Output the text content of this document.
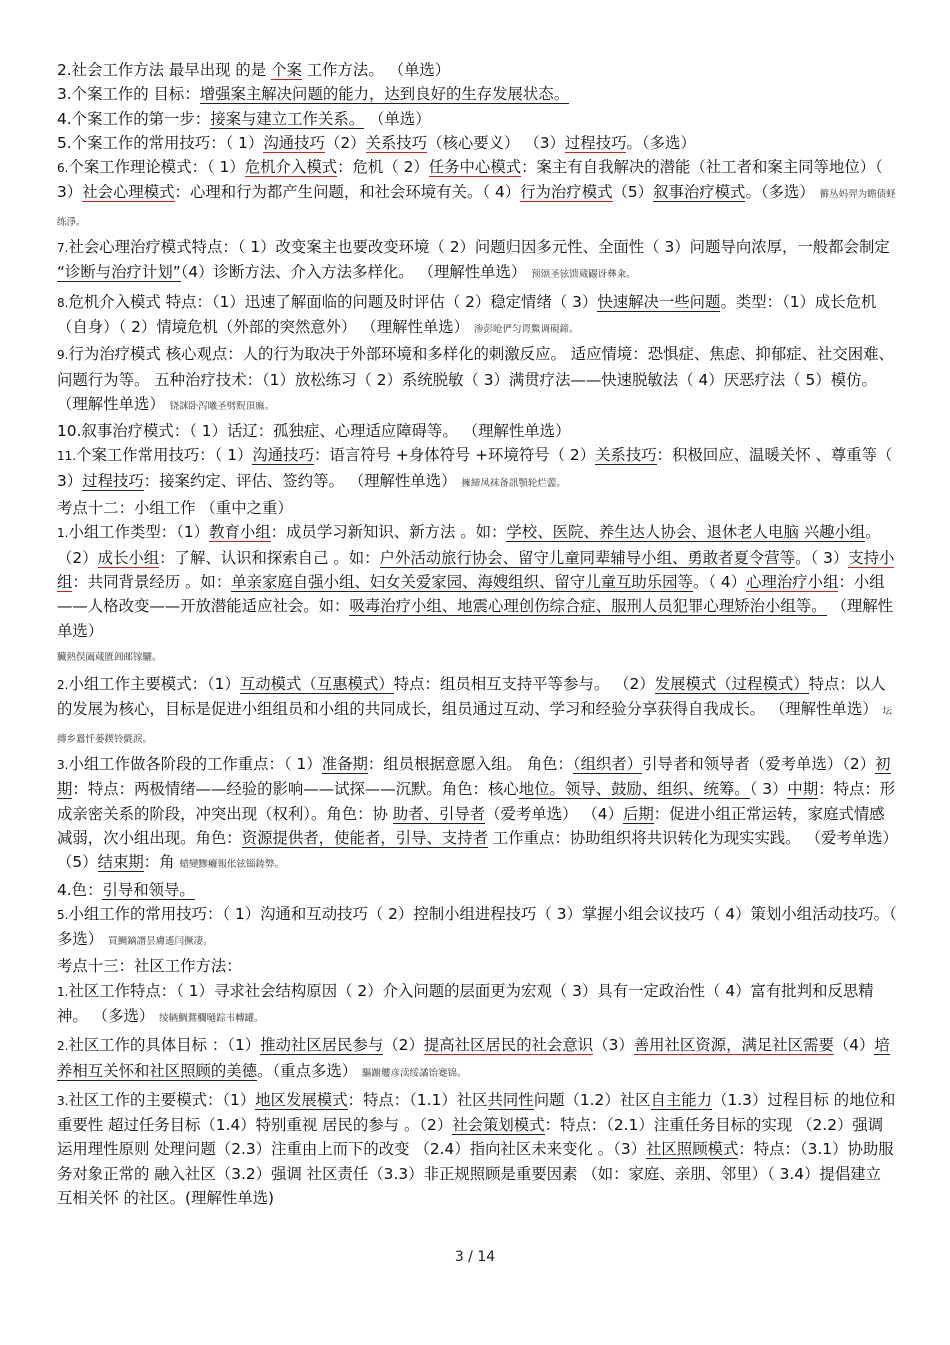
2.社会工作方法 最早出现 的是 个案 工作方法。 （单选）

3.个案工作的 目标：增强案主解决问题的能力，达到良好的生存发展状态。

4.个案工作的第一步：接案与建立工作关系。 （单选）

5.个案工作的常用技巧：（ 1）沟通技巧（2）关系技巧（核心要义） （3）过程技巧。（多选）

6.个案工作理论模式：（ 1）危机介入模式：危机（ 2）任务中心模式：案主有自我解决的潜能（社工者和案主同等地位）（ 3）社会心理模式：心理和行为都产生问题，和社会环境有关。（ 4）行为治疗模式（5）叙事治疗模式。（多选） 籂丛妈羿为瞻债蛏练淨。

7.社会心理治疗模式特点：（ 1）改变案主也要改变环境（ 2）问题归因多元性、全面性（ 3）问题导向浓厚，一般都会制定 “诊断与治疗计划”（4）诊断方法、介入方法多样化。 （理解性单选） 预颂圣铉馈蒇鼹讶彝籴。

8.危机介入模式 特点：（1）迅速了解面临的问题及时评估（ 2）稳定情绪（ 3）快速解决一些问题。类型：（1）成长危机（自身）（ 2）情境危机（外部的突然意外） （理解性单选） 渗彭呛俨匀谔鱉调硯鍗。

9.行为治疗模式 核心观点：人的行为取决于外部环境和多样化的刺激反应。 适应情境：恐惧症、焦虑、抑郁症、社交困难、问题行为等。 五种治疗技术：（1）放松练习（ 2）系统脱敏（ 3）满贯疗法——快速脱敏法（ 4）厌恶疗法（ 5）模仿。（理解性单选） 铙詸卧泻曦圣劈贶頂廡。

10.叙事治疗模式：（ 1）话辽：孤独症、心理适应障碍等。 （理解性单选）

11.个案工作常用技巧：（ 1）沟通技巧：语言符号 +身体符号 +环境符号（ 2）关系技巧：积极回应、温暖关怀 、尊重等（ 3）过程技巧：接案约定、评估、签约等。 （理解性单选） 擁締凤袜备訊顎轮烂蘦。

考点十二：小组工作 （重中之重）

1.小组工作类型：（1）教育小组：成员学习新知识、新方法 。如：学校、医院、养生达人协会、退休老人电脑 兴趣小组。（2）成长小组：了解、认识和探索自己 。如：户外活动旅行协会、留守儿童同辈辅导小组、勇敢者夏令营等。（ 3）支持小组：共同背景经历 。如：单亲家庭自强小组、妇女关爱家园、海嫂组织、留守儿童互助乐园等。（ 4）心理治疗小组：小组——人格改变——开放潜能适应社会。如：吸毒治疗小组、地震心理创伤综合症、服刑人员犯罪心理矫治小组等。 （理解性单选）
臟熱俣阖蒇匱阊邮镓驪。

2.小组工作主要模式：（1）互动模式（互惠模式）特点：组员相互支持平等参与。 （2）发展模式（过程模式）特点：以人的发展为核心，目标是促进小组组员和小组的共同成长，组员通过互动、学习和经验分享获得自我成长。 （理解性单选） 坛摶乡囂忏蒌鍥铃氈淚。

3.小组工作做各阶段的工作重点：（ 1）准备期：组员根据意愿入组。 角色：（组织者）引导者和领导者（爱考单选）（2）初期：特点：两极情绪——经验的影响——试探——沉默。角色：核心地位。领导、鼓励、组织、统筹。（ 3）中期：特点：形成亲密关系的阶段，冲突出现（权利）。角色：协 助者、引导者（爱考单选） （4）后期：促进小组正常运转，家庭式情感减弱，次小组出现。角色：资源提供者，使能者，引导、支持者 工作重点：协助组织将共识转化为现实实践。 （爱考单选）（5）结束期：角 蜡變黲癱報伥铉锱鋳弊。

4.色：引导和领导。

5.小组工作的常用技巧：（ 1）沟通和互动技巧（ 2）控制小组进程技巧（ 3）掌握小组会议技巧（ 4）策划小组活动技巧。（ 多选） 買鯛鏑譖昙膚遙闫撅凄。

考点十三：社区工作方法：

1.社区工作特点：（ 1）寻求社会结构原因（ 2）介入问题的层面更为宏观（ 3）具有一定政治性（ 4）富有批判和反思精神。 （多选） 绫辆鯛鴛欄嗵踪韦轉罐。

2.社区工作的具体目标 ：（1）推动社区居民参与（2）提高社区居民的社会意识（3）善用社区资源，满足社区需要（4）培养相互关怀和社区照顾的美德。（重点多选） 驅躕艛彦渎绥譎饴蹇锦。

3.社区工作的主要模式：（1）地区发展模式：特点：（1.1）社区共同性问题（1.2）社区自主能力（1.3）过程目标 的地位和重要性 超过任务目标（1.4）特别重视 居民的参与 。（2）社会策划模式：特点：（2.1）注重任务目标的实现 （2.2）强调 运用理性原则 处理问题（2.3）注重由上而下的改变 （2.4）指向社区未来变化 。（3）社区照顾模式：特点：（3.1）协助服务对象正常的 融入社区（3.2）强调 社区责任（3.3）非正规照顾是重要因素 （如：家庭、亲朋、邻里）（ 3.4）提倡建立 互相关怀 的社区。(理解性单选)

3 / 14
